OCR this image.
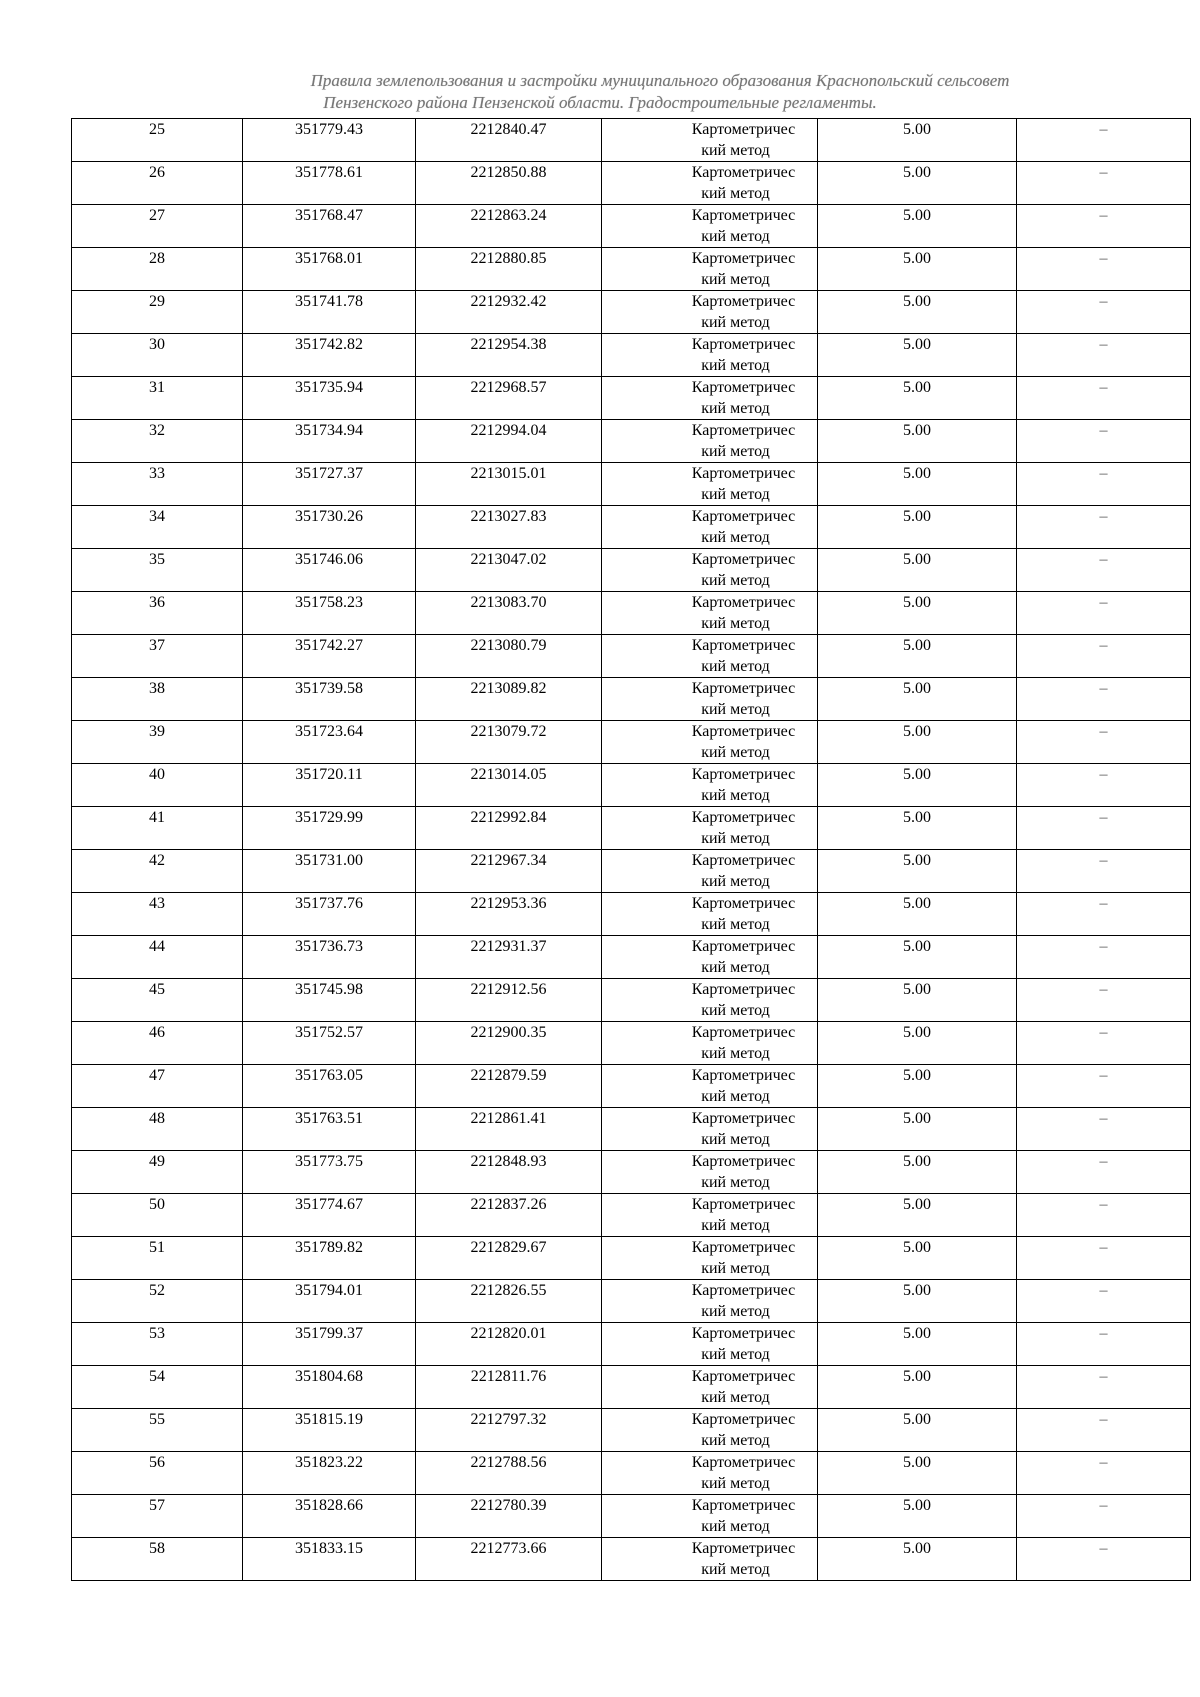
Правила землепользования и застройки муниципального образования Краснопольский сельсовет
Пензенского района Пензенской области. Градостроительные регламенты.
25	351779.43	2212840.47	Картометричес
кий метод	5.00	–
26	351778.61	2212850.88	Картометричес
кий метод	5.00	–
27	351768.47	2212863.24	Картометричес
кий метод	5.00	–
28	351768.01	2212880.85	Картометричес
кий метод	5.00	–
29	351741.78	2212932.42	Картометричес
кий метод	5.00	–
30	351742.82	2212954.38	Картометричес
кий метод	5.00	–
31	351735.94	2212968.57	Картометричес
кий метод	5.00	–
32	351734.94	2212994.04	Картометричес
кий метод	5.00	–
33	351727.37	2213015.01	Картометричес
кий метод	5.00	–
34	351730.26	2213027.83	Картометричес
кий метод	5.00	–
35	351746.06	2213047.02	Картометричес
кий метод	5.00	–
36	351758.23	2213083.70	Картометричес
кий метод	5.00	–
37	351742.27	2213080.79	Картометричес
кий метод	5.00	–
38	351739.58	2213089.82	Картометричес
кий метод	5.00	–
39	351723.64	2213079.72	Картометричес
кий метод	5.00	–
40	351720.11	2213014.05	Картометричес
кий метод	5.00	–
41	351729.99	2212992.84	Картометричес
кий метод	5.00	–
42	351731.00	2212967.34	Картометричес
кий метод	5.00	–
43	351737.76	2212953.36	Картометричес
кий метод	5.00	–
44	351736.73	2212931.37	Картометричес
кий метод	5.00	–
45	351745.98	2212912.56	Картометричес
кий метод	5.00	–
46	351752.57	2212900.35	Картометричес
кий метод	5.00	–
47	351763.05	2212879.59	Картометричес
кий метод	5.00	–
48	351763.51	2212861.41	Картометричес
кий метод	5.00	–
49	351773.75	2212848.93	Картометричес
кий метод	5.00	–
50	351774.67	2212837.26	Картометричес
кий метод	5.00	–
51	351789.82	2212829.67	Картометричес
кий метод	5.00	–
52	351794.01	2212826.55	Картометричес
кий метод	5.00	–
53	351799.37	2212820.01	Картометричес
кий метод	5.00	–
54	351804.68	2212811.76	Картометричес
кий метод	5.00	–
55	351815.19	2212797.32	Картометричес
кий метод	5.00	–
56	351823.22	2212788.56	Картометричес
кий метод	5.00	–
57	351828.66	2212780.39	Картометричес
кий метод	5.00	–
58	351833.15	2212773.66	Картометричес
кий метод	5.00	–
